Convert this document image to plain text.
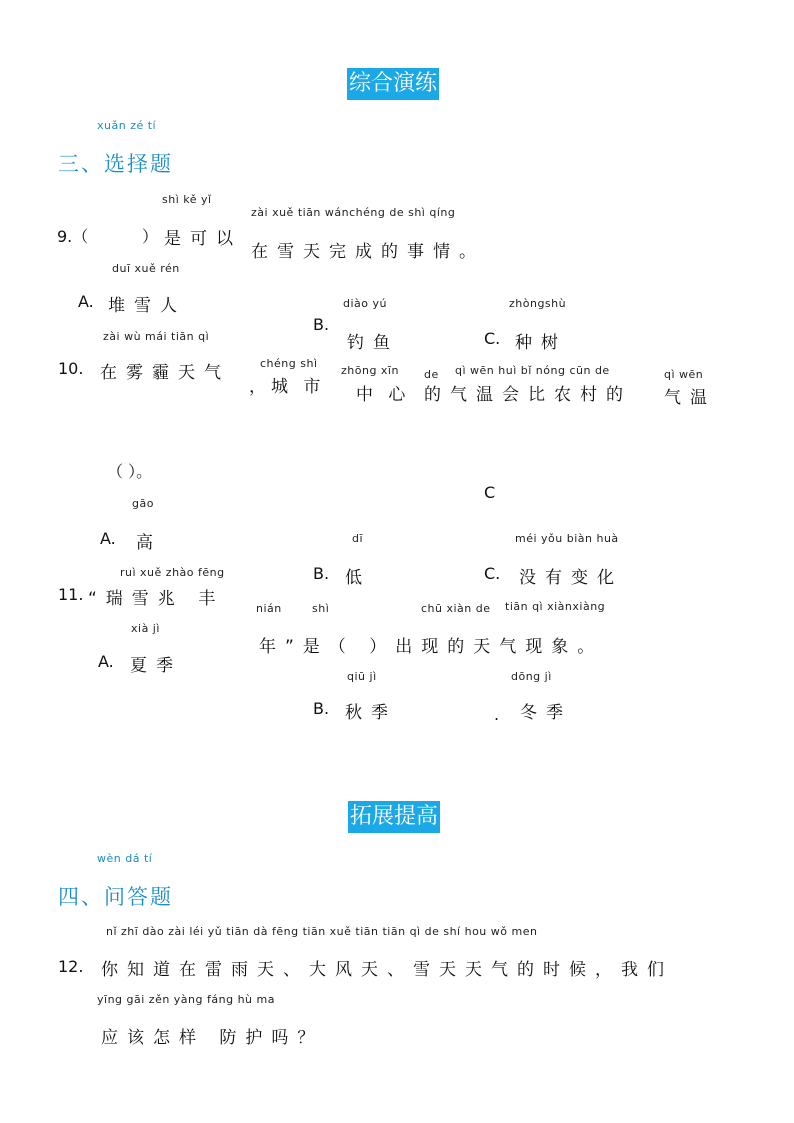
综合演练
xuǎn zé tí
三、选择题
shì kě yǐ
zài xuě tiān wánchéng de shì qíng
9.（	） 是可以
在雪天完成的事情。
duī xuě rén
A. 堆雪人
B.
diào yú
钓鱼
zhòngshù
C. 种树
zài wù mái tiān qì
10. 在雾霾天气	chéng shì
，城 市
zhōng xīn
中 心
de qì wēn huì bǐ nóng cūn de
的气温会比农村的
qì wēn
气温
（ ）。
C
gāo
A. 高	dī
B. 低
méi yǒu biàn huà
C. 没有变化
ruì xuě zhào fēng
11. “瑞雪兆 丰	nián	shì	chū xiàn de tiān qì xiànxiàng
年”是（ ）出现的天气现象。
xià jì
A. 夏季
qiū jì
B. 秋季
dōng jì
. 冬季
拓展提高
wèn dá tí
四、问答题
nǐ zhī dào zài léi yǔ tiān dà fēng tiān xuě tiān tiān qì de shí hou wǒ men
12. 你知道在雷雨天、大风天、雪天天气的时候，我们
yīng gāi zěn yàng fáng hù ma
应该怎样 防护吗？
